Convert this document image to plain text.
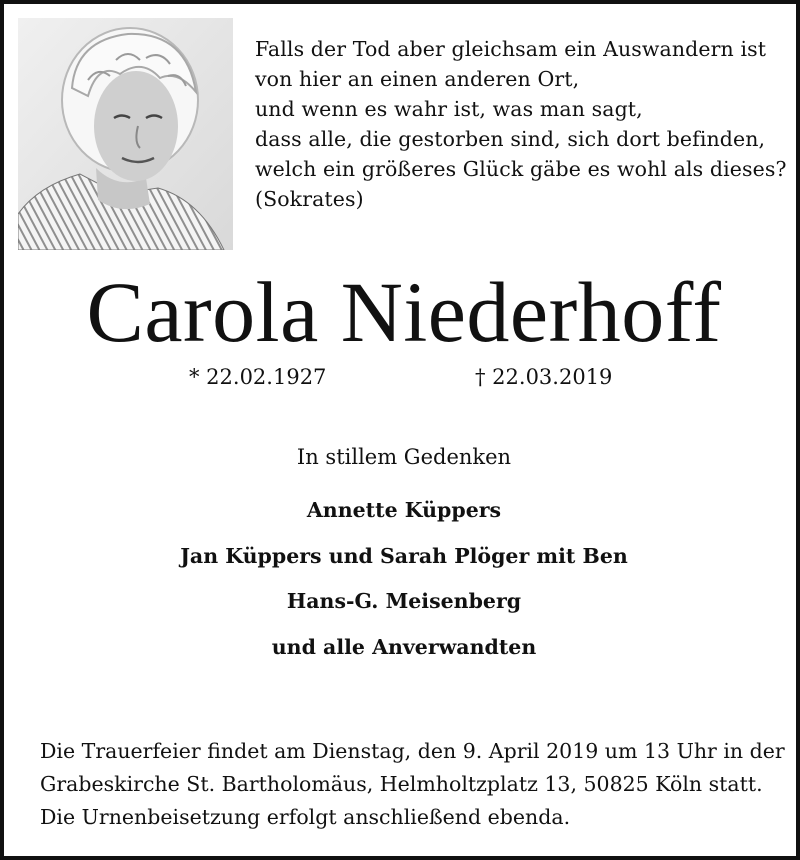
Falls der Tod aber gleichsam ein Auswandern ist
von hier an einen anderen Ort,
und wenn es wahr ist, was man sagt,
dass alle, die gestorben sind, sich dort befinden,
welch ein größeres Glück gäbe es wohl als dieses?
(Sokrates)
Carola Niederhoff
* 22.02.1927	† 22.03.2019
In stillem Gedenken
Annette Küppers
Jan Küppers und Sarah Plöger mit Ben
Hans-G. Meisenberg
und alle Anverwandten
Die Trauerfeier findet am Dienstag, den 9. April 2019 um 13 Uhr in der
Grabeskirche St. Bartholomäus, Helmholtzplatz 13, 50825 Köln statt.
Die Urnenbeisetzung erfolgt anschließend ebenda.
